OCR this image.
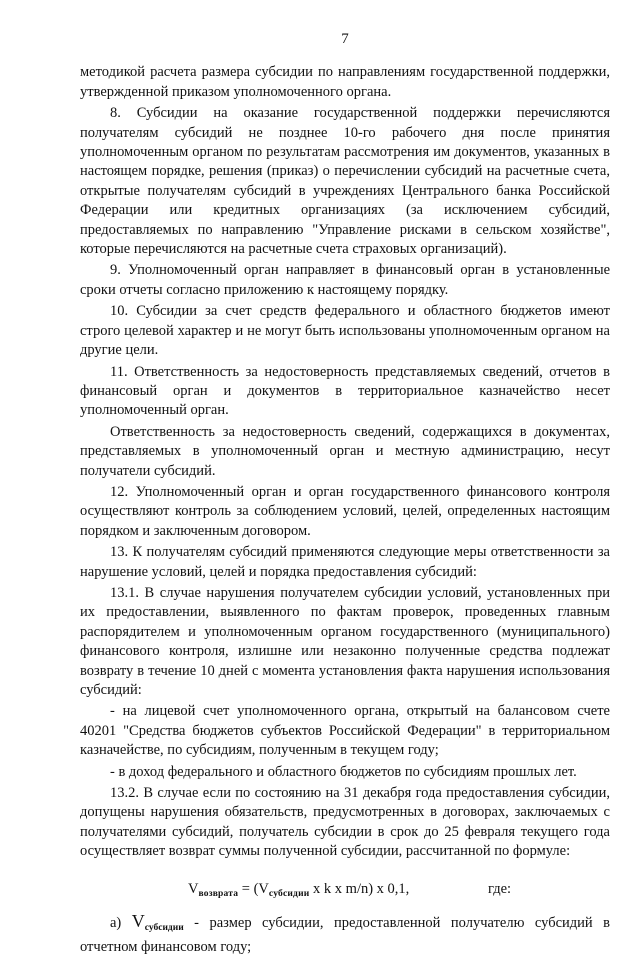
7

методикой расчета размера субсидии по направлениям государственной поддержки, утвержденной приказом уполномоченного органа.

8. Субсидии на оказание государственной поддержки перечисляются получателям субсидий не позднее 10-го рабочего дня после принятия уполномоченным органом по результатам рассмотрения им документов, указанных в настоящем порядке, решения (приказ) о перечислении субсидий на расчетные счета, открытые получателям субсидий в учреждениях Центрального банка Российской Федерации или кредитных организациях (за исключением субсидий, предоставляемых по направлению "Управление рисками в сельском хозяйстве", которые перечисляются на расчетные счета страховых организаций).

9. Уполномоченный орган направляет в финансовый орган в установленные сроки отчеты согласно приложению к настоящему порядку.

10. Субсидии за счет средств федерального и областного бюджетов имеют строго целевой характер и не могут быть использованы уполномоченным органом на другие цели.

11. Ответственность за недостоверность представляемых сведений, отчетов в финансовый орган и документов в территориальное казначейство несет уполномоченный орган.

Ответственность за недостоверность сведений, содержащихся в документах, представляемых в уполномоченный орган и местную администрацию, несут получатели субсидий.

12. Уполномоченный орган и орган государственного финансового контроля осуществляют контроль за соблюдением условий, целей, определенных настоящим порядком и заключенным договором.

13. К получателям субсидий применяются следующие меры ответственности за нарушение условий, целей и порядка предоставления субсидий:

13.1. В случае нарушения получателем субсидии условий, установленных при их предоставлении, выявленного по фактам проверок, проведенных главным распорядителем и уполномоченным органом государственного (муниципального) финансового контроля, излишне или незаконно полученные средства подлежат возврату в течение 10 дней с момента установления факта нарушения использования субсидий:

- на лицевой счет уполномоченного органа, открытый на балансовом счете 40201 "Средства бюджетов субъектов Российской Федерации" в территориальном казначействе, по субсидиям, полученным в текущем году;

- в доход федерального и областного бюджетов по субсидиям прошлых лет.

13.2. В случае если по состоянию на 31 декабря года предоставления субсидии, допущены нарушения обязательств, предусмотренных в договорах, заключаемых с получателями субсидий, получатель субсидии в срок до 25 февраля текущего года осуществляет возврат суммы полученной субсидии, рассчитанной по формуле:

$V_{возврата} = (V_{субсидии}$ x k x m/n) x 0,1,	где:

а) $V_{субсидии}$ - размер субсидии, предоставленной получателю субсидий в отчетном финансовом году;
